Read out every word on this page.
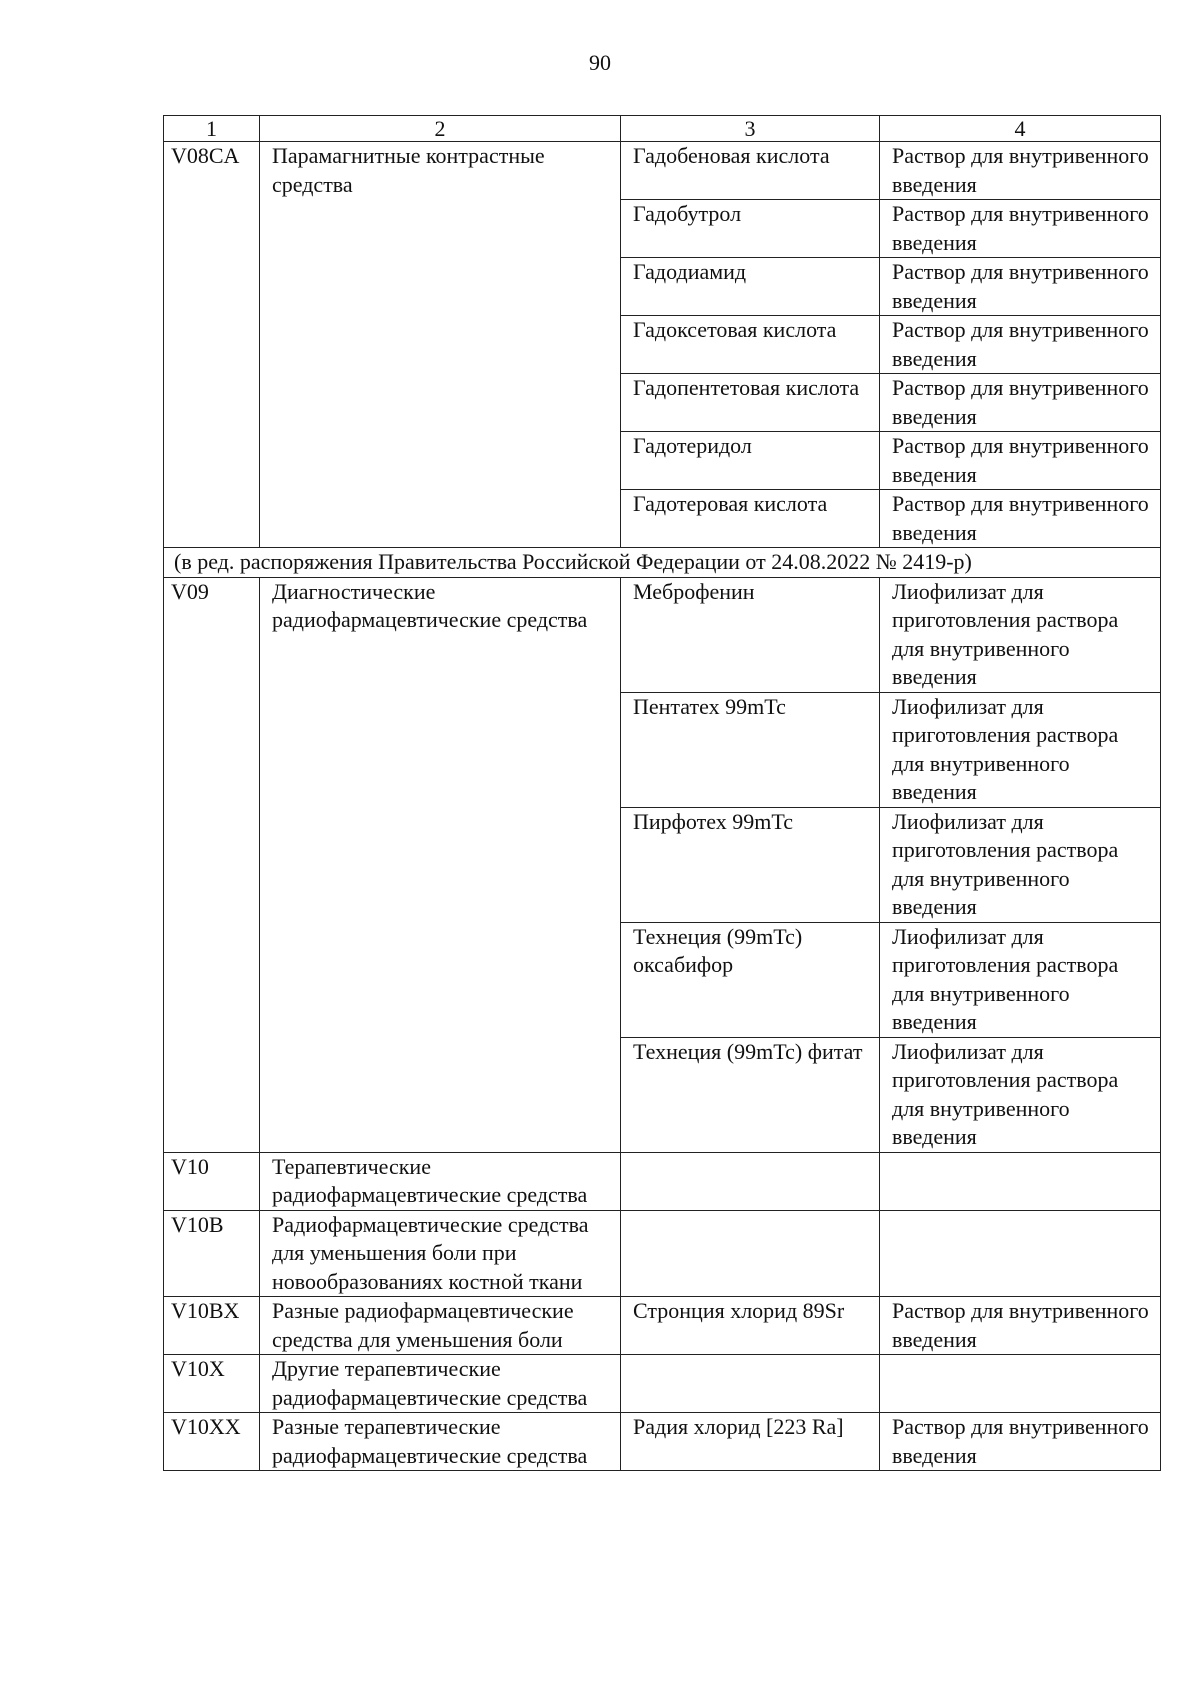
90
1	2	3	4
V08CA	Парамагнитные контрастные средства	Гадобеновая кислота	Раствор для внутривенного введения
		Гадобутрол	Раствор для внутривенного введения
		Гадодиамид	Раствор для внутривенного введения
		Гадоксетовая кислота	Раствор для внутривенного введения
		Гадопентетовая кислота	Раствор для внутривенного введения
		Гадотеридол	Раствор для внутривенного введения
		Гадотеровая кислота	Раствор для внутривенного введения
(в ред. распоряжения Правительства Российской Федерации от 24.08.2022 № 2419-р)			
V09	Диагностические радиофармацевтические средства	Меброфенин	Лиофилизат для приготовления раствора для внутривенного введения
		Пентатех 99mTc	Лиофилизат для приготовления раствора для внутривенного введения
		Пирфотех 99mTc	Лиофилизат для приготовления раствора для внутривенного введения
		Технеция (99mTc) оксабифор	Лиофилизат для приготовления раствора для внутривенного введения
		Технеция (99mTc) фитат	Лиофилизат для приготовления раствора для внутривенного введения
V10	Терапевтические радиофармацевтические средства		
V10B	Радиофармацевтические средства для уменьшения боли при новообразованиях костной ткани		
V10BX	Разные радиофармацевтические средства для уменьшения боли	Стронция хлорид 89Sr	Раствор для внутривенного введения
V10X	Другие терапевтические радиофармацевтические средства		
V10XX	Разные терапевтические радиофармацевтические средства	Радия хлорид [223 Ra]	Раствор для внутривенного введения
